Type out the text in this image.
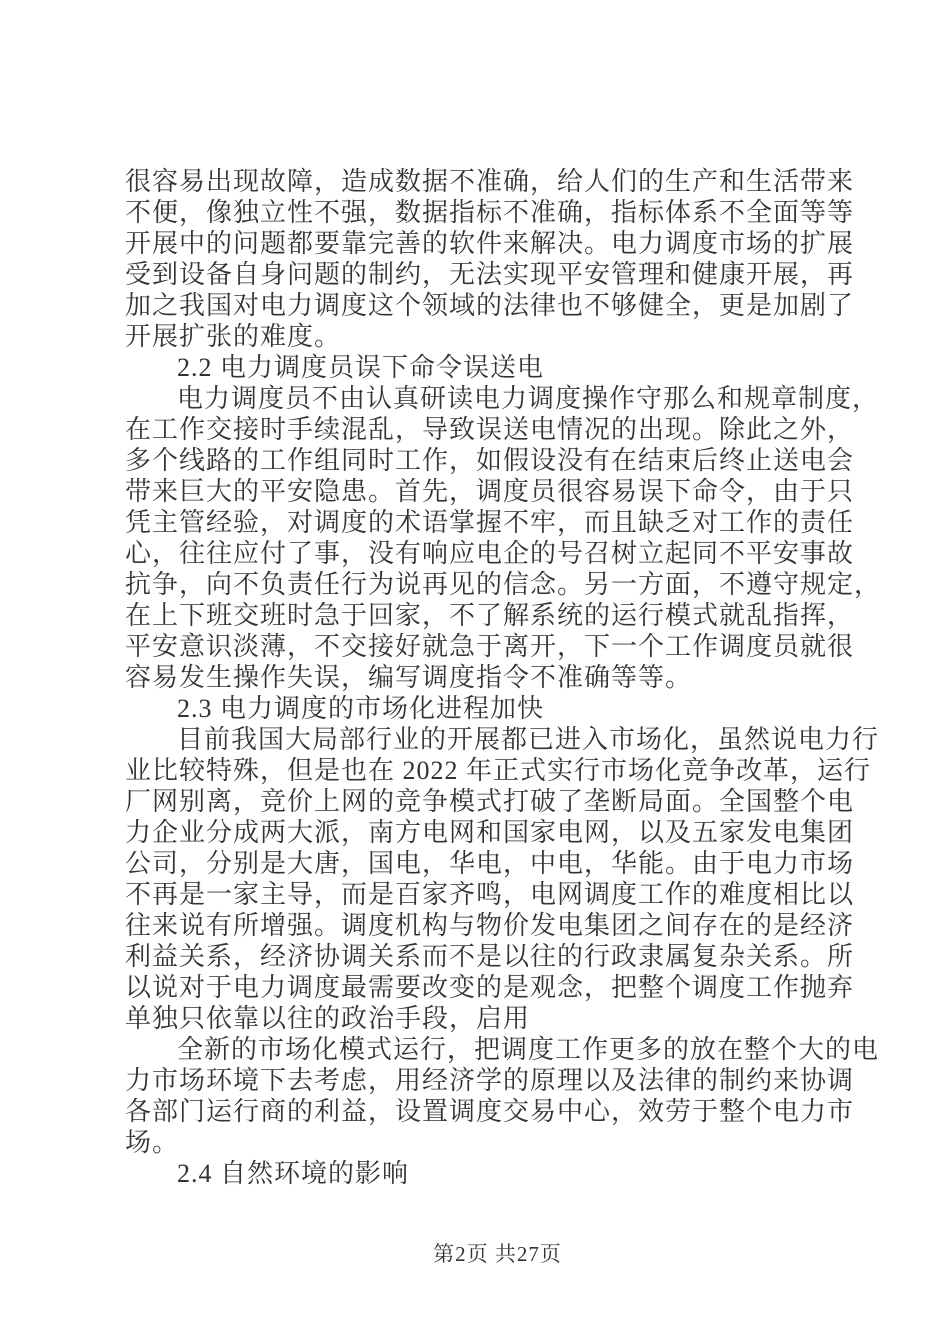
很容易出现故障，造成数据不准确，给人们的生产和生活带来
不便，像独立性不强，数据指标不准确，指标体系不全面等等
开展中的问题都要靠完善的软件来解决。电力调度市场的扩展
受到设备自身问题的制约，无法实现平安管理和健康开展，再
加之我国对电力调度这个领域的法律也不够健全，更是加剧了
开展扩张的难度。
2.2 电力调度员误下命令误送电
电力调度员不由认真研读电力调度操作守那么和规章制度，
在工作交接时手续混乱，导致误送电情况的出现。除此之外，
多个线路的工作组同时工作，如假设没有在结束后终止送电会
带来巨大的平安隐患。首先，调度员很容易误下命令，由于只
凭主管经验，对调度的术语掌握不牢，而且缺乏对工作的责任
心，往往应付了事，没有响应电企的号召树立起同不平安事故
抗争，向不负责任行为说再见的信念。另一方面，不遵守规定，
在上下班交班时急于回家，不了解系统的运行模式就乱指挥，
平安意识淡薄，不交接好就急于离开，下一个工作调度员就很
容易发生操作失误，编写调度指令不准确等等。
2.3 电力调度的市场化进程加快
目前我国大局部行业的开展都已进入市场化，虽然说电力行
业比较特殊，但是也在 2022 年正式实行市场化竞争改革，运行
厂网别离，竞价上网的竞争模式打破了垄断局面。全国整个电
力企业分成两大派，南方电网和国家电网，以及五家发电集团
公司，分别是大唐，国电，华电，中电，华能。由于电力市场
不再是一家主导，而是百家齐鸣，电网调度工作的难度相比以
往来说有所增强。调度机构与物价发电集团之间存在的是经济
利益关系，经济协调关系而不是以往的行政隶属复杂关系。所
以说对于电力调度最需要改变的是观念，把整个调度工作抛弃
单独只依靠以往的政治手段，启用
全新的市场化模式运行，把调度工作更多的放在整个大的电
力市场环境下去考虑，用经济学的原理以及法律的制约来协调
各部门运行商的利益，设置调度交易中心，效劳于整个电力市
场。
2.4 自然环境的影响
第2页 共27页
